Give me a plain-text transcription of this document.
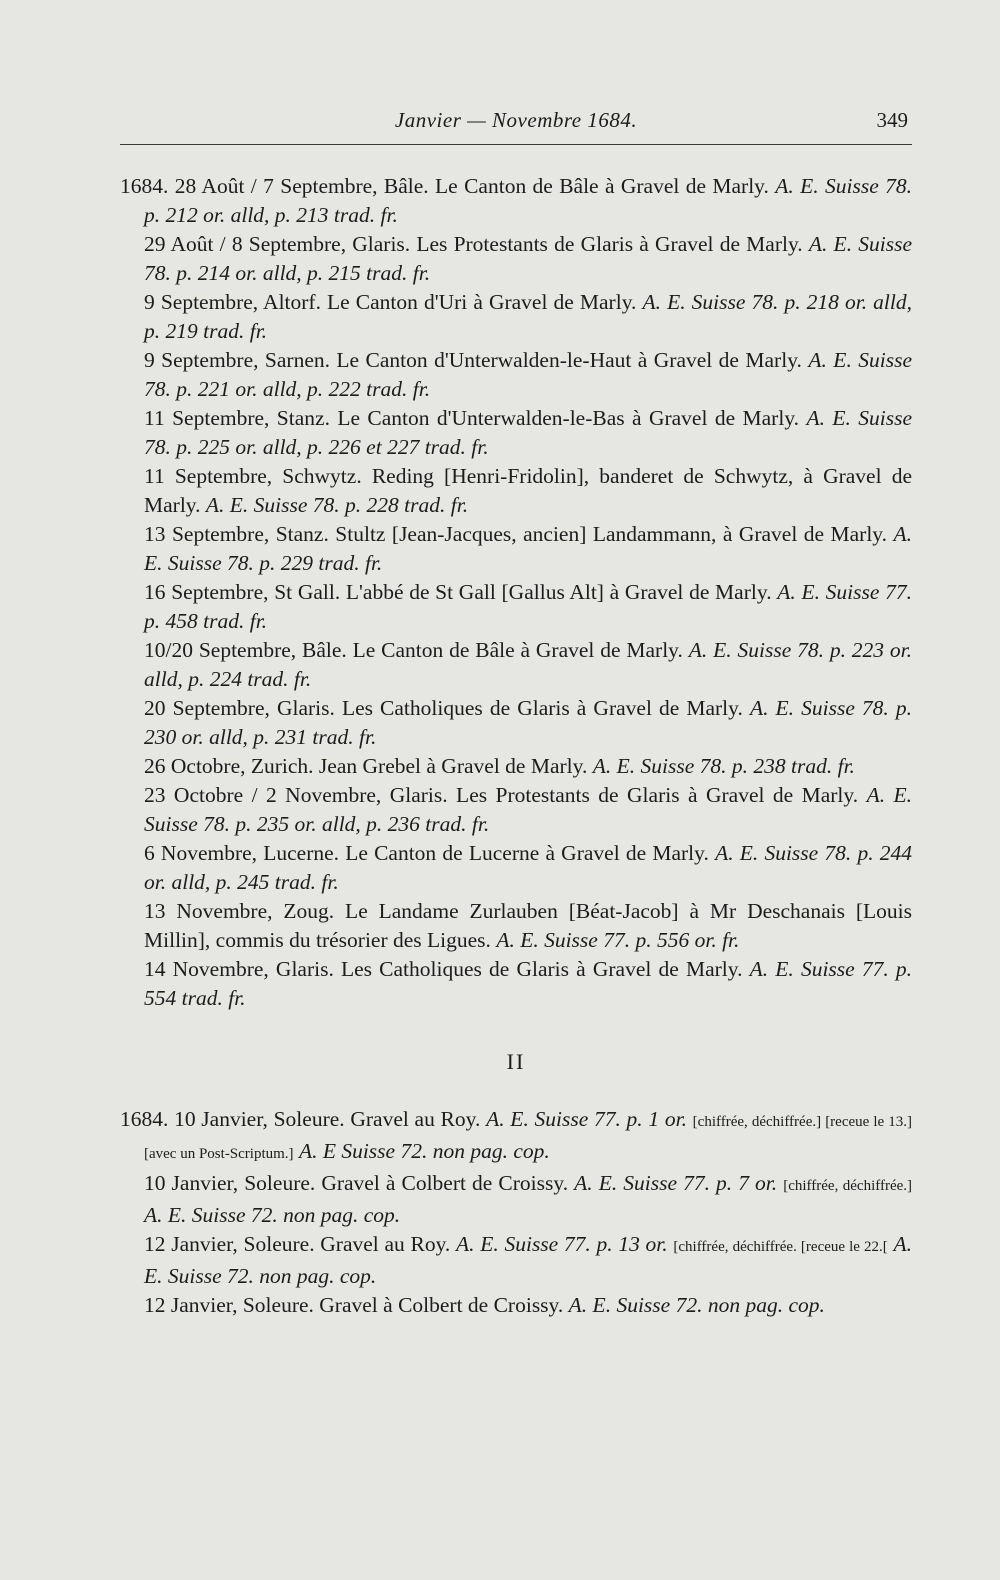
Janvier — Novembre 1684.	349

1684. 28 Août / 7 Septembre, Bâle. Le Canton de Bâle à Gravel de Marly. A. E. Suisse 78. p. 212 or. alld, p. 213 trad. fr.

29 Août / 8 Septembre, Glaris. Les Protestants de Glaris à Gravel de Marly. A. E. Suisse 78. p. 214 or. alld, p. 215 trad. fr.

9 Septembre, Altorf. Le Canton d'Uri à Gravel de Marly. A. E. Suisse 78. p. 218 or. alld, p. 219 trad. fr.

9 Septembre, Sarnen. Le Canton d'Unterwalden-le-Haut à Gravel de Marly. A. E. Suisse 78. p. 221 or. alld, p. 222 trad. fr.

11 Septembre, Stanz. Le Canton d'Unterwalden-le-Bas à Gravel de Marly. A. E. Suisse 78. p. 225 or. alld, p. 226 et 227 trad. fr.

11 Septembre, Schwytz. Reding [Henri-Fridolin], banderet de Schwytz, à Gravel de Marly. A. E. Suisse 78. p. 228 trad. fr.

13 Septembre, Stanz. Stultz [Jean-Jacques, ancien] Landammann, à Gravel de Marly. A. E. Suisse 78. p. 229 trad. fr.

16 Septembre, St Gall. L'abbé de St Gall [Gallus Alt] à Gravel de Marly. A. E. Suisse 77. p. 458 trad. fr.

10/20 Septembre, Bâle. Le Canton de Bâle à Gravel de Marly. A. E. Suisse 78. p. 223 or. alld, p. 224 trad. fr.

20 Septembre, Glaris. Les Catholiques de Glaris à Gravel de Marly. A. E. Suisse 78. p. 230 or. alld, p. 231 trad. fr.

26 Octobre, Zurich. Jean Grebel à Gravel de Marly. A. E. Suisse 78. p. 238 trad. fr.

23 Octobre / 2 Novembre, Glaris. Les Protestants de Glaris à Gravel de Marly. A. E. Suisse 78. p. 235 or. alld, p. 236 trad. fr.

6 Novembre, Lucerne. Le Canton de Lucerne à Gravel de Marly. A. E. Suisse 78. p. 244 or. alld, p. 245 trad. fr.

13 Novembre, Zoug. Le Landame Zurlauben [Béat-Jacob] à Mr Deschanais [Louis Millin], commis du trésorier des Ligues. A. E. Suisse 77. p. 556 or. fr.

14 Novembre, Glaris. Les Catholiques de Glaris à Gravel de Marly. A. E. Suisse 77. p. 554 trad. fr.

II

1684. 10 Janvier, Soleure. Gravel au Roy. A. E. Suisse 77. p. 1 or. [chiffrée, déchiffrée.] [receue le 13.] [avec un Post-Scriptum.] A. E Suisse 72. non pag. cop.

10 Janvier, Soleure. Gravel à Colbert de Croissy. A. E. Suisse 77. p. 7 or. [chiffrée, déchiffrée.] A. E. Suisse 72. non pag. cop.

12 Janvier, Soleure. Gravel au Roy. A. E. Suisse 77. p. 13 or. [chiffrée, déchiffrée. [receue le 22.[ A. E. Suisse 72. non pag. cop.

12 Janvier, Soleure. Gravel à Colbert de Croissy. A. E. Suisse 72. non pag. cop.
